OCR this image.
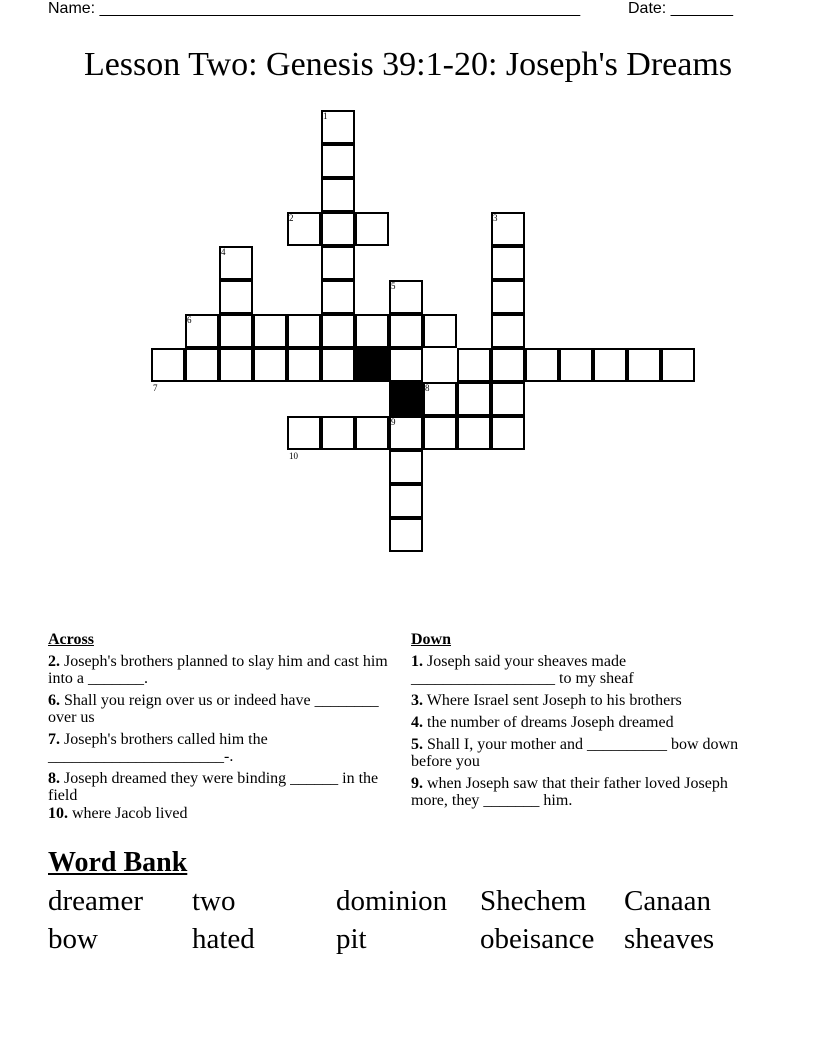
Name: ______________________________________________________	Date: _______
Lesson Two: Genesis 39:1-20: Joseph's Dreams
1
2	3
4
5
6
7	8
9
10
Across
2. Joseph's brothers planned to slay him and cast him into a _______.
6. Shall you reign over us or indeed have ________ over us
7. Joseph's brothers called him the ______________________-.
8. Joseph dreamed they were binding ______ in the field
10. where Jacob lived
Down
1. Joseph said your sheaves made __________________ to my sheaf
3. Where Israel sent Joseph to his brothers
4. the number of dreams Joseph dreamed
5. Shall I, your mother and __________ bow down before you
9. when Joseph saw that their father loved Joseph more, they _______ him.
Word Bank
dreamer two	dominion Shechem Canaan
bow	hated	pit	obeisance sheaves
